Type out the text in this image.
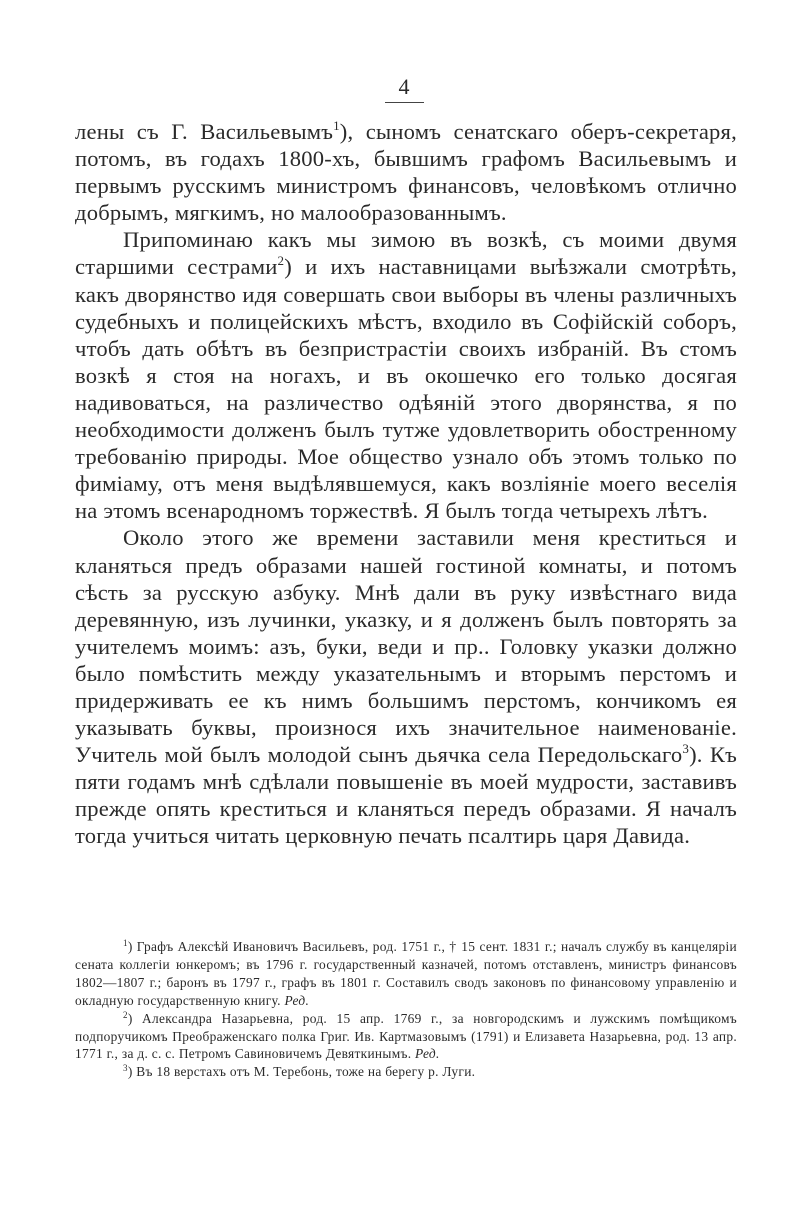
4

лены съ Г. Васильевымъ$^1$), сыномъ сенатскаго оберъ-секретаря, потомъ, въ годахъ 1800-хъ, бывшимъ графомъ Васильевымъ и первымъ русскимъ министромъ финансовъ, человѣкомъ отлично добрымъ, мягкимъ, но малообразованнымъ.

Припоминаю какъ мы зимою въ возкѣ, съ моими двумя старшими сестрами$^2$) и ихъ наставницами выѣзжали смотрѣть, какъ дворянство идя совершать свои выборы въ члены различныхъ судебныхъ и полицейскихъ мѣстъ, входило въ Софійскій соборъ, чтобъ дать обѣтъ въ безпристрастіи своихъ избраній. Въ стомъ возкѣ я стоя на ногахъ, и въ окошечко его только досягая надивоваться, на различество одѣяній этого дворянства, я по необходимости долженъ былъ тутже удовлетворить обостренному требованію природы. Мое общество узнало объ этомъ только по фиміаму, отъ меня выдѣлявшемуся, какъ возліяніе моего веселія на этомъ всенародномъ торжествѣ. Я былъ тогда четырехъ лѣтъ.

Около этого же времени заставили меня креститься и кланяться предъ образами нашей гостиной комнаты, и потомъ сѣсть за русскую азбуку. Мнѣ дали въ руку извѣстнаго вида деревянную, изъ лучинки, указку, и я долженъ былъ повторять за учителемъ моимъ: азъ, буки, веди и пр.. Головку указки должно было помѣстить между указательнымъ и вторымъ перстомъ и придерживать ее къ нимъ большимъ перстомъ, кончикомъ ея указывать буквы, произнося ихъ значительное наименованіе. Учитель мой былъ молодой сынъ дьячка села Передольскаго$^3$). Къ пяти годамъ мнѣ сдѣлали повышеніе въ моей мудрости, заставивъ прежде опять креститься и кланяться передъ образами. Я началъ тогда учиться читать церковную печать псалтирь царя Давида.

$^1$) Графъ Алексѣй Ивановичъ Васильевъ, род. 1751 г., † 15 сент. 1831 г.; началъ службу въ канцеляріи сената коллегіи юнкеромъ; въ 1796 г. государственный казначей, потомъ отставленъ, министръ финансовъ 1802—1807 г.; баронъ въ 1797 г., графъ въ 1801 г. Составилъ сводъ законовъ по финансовому управленію и окладную государственную книгу. Ред.

$^2$) Александра Назарьевна, род. 15 апр. 1769 г., за новгородскимъ и лужскимъ помѣщикомъ подпоручикомъ Преображенскаго полка Григ. Ив. Картмазовымъ (1791) и Елизавета Назарьевна, род. 13 апр. 1771 г., за д. с. с. Петромъ Савиновичемъ Девяткинымъ. Ред.

$^3$) Въ 18 верстахъ отъ М. Теребонь, тоже на берегу р. Луги.
